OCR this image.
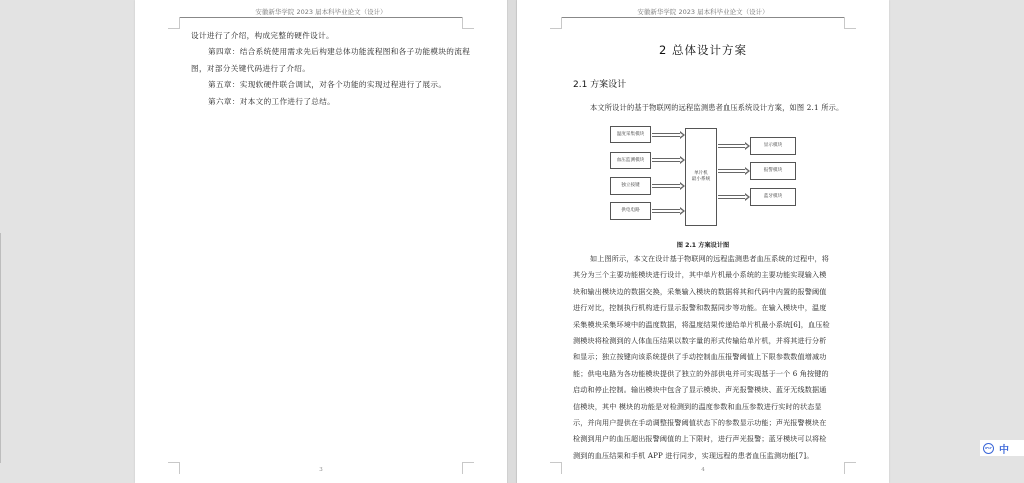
安徽新华学院 2023 届本科毕业论文（设计）
设计进行了介绍，构成完整的硬件设计。
第四章：结合系统使用需求先后构建总体功能流程图和各子功能模块的流程
图，对部分关键代码进行了介绍。
第五章：实现软硬件联合调试，对各个功能的实现过程进行了展示。
第六章：对本文的工作进行了总结。
3
安徽新华学院 2023 届本科毕业论文（设计）
2 总体设计方案
2.1 方案设计
本文所设计的基于物联网的远程监测患者血压系统设计方案，如图 2.1 所示。
温度采集模块
血压监测模块
独立按键
供电电路
单片机
最小系统
显示模块
报警模块
蓝牙模块
图 2.1 方案设计图
如上图所示，本文在设计基于物联网的远程监测患者血压系统的过程中，将
其分为三个主要功能模块进行设计，其中单片机最小系统的主要功能实现输入模
块和输出模块边的数据交换，采集输入模块的数据将其和代码中内置的报警阈值
进行对比，控制执行机构进行显示报警和数据同步等功能。在输入模块中，温度
采集模块采集环境中的温度数据，将温度结果传递给单片机最小系统[6]，血压检
测模块将检测到的人体血压结果以数字量的形式传输给单片机，并将其进行分析
和显示；独立按键向该系统提供了手动控制血压报警阈值上下限参数数值增减功
能；供电电路为各功能模块提供了独立的外部供电并可实现基于一个 6 角按键的
启动和停止控制。输出模块中包含了显示模块、声光报警模块、蓝牙无线数据通
信模块，其中 模块的功能是对检测到的温度参数和血压参数进行实时的状态显
示，并向用户提供在手动调整报警阈值状态下的参数显示功能；声光报警模块在
检测到用户的血压超出报警阈值的上下限时，进行声光报警；蓝牙模块可以将检
测到的血压结果和手机 APP 进行同步，实现远程的患者血压监测功能[7]。
4
iFLY 中
